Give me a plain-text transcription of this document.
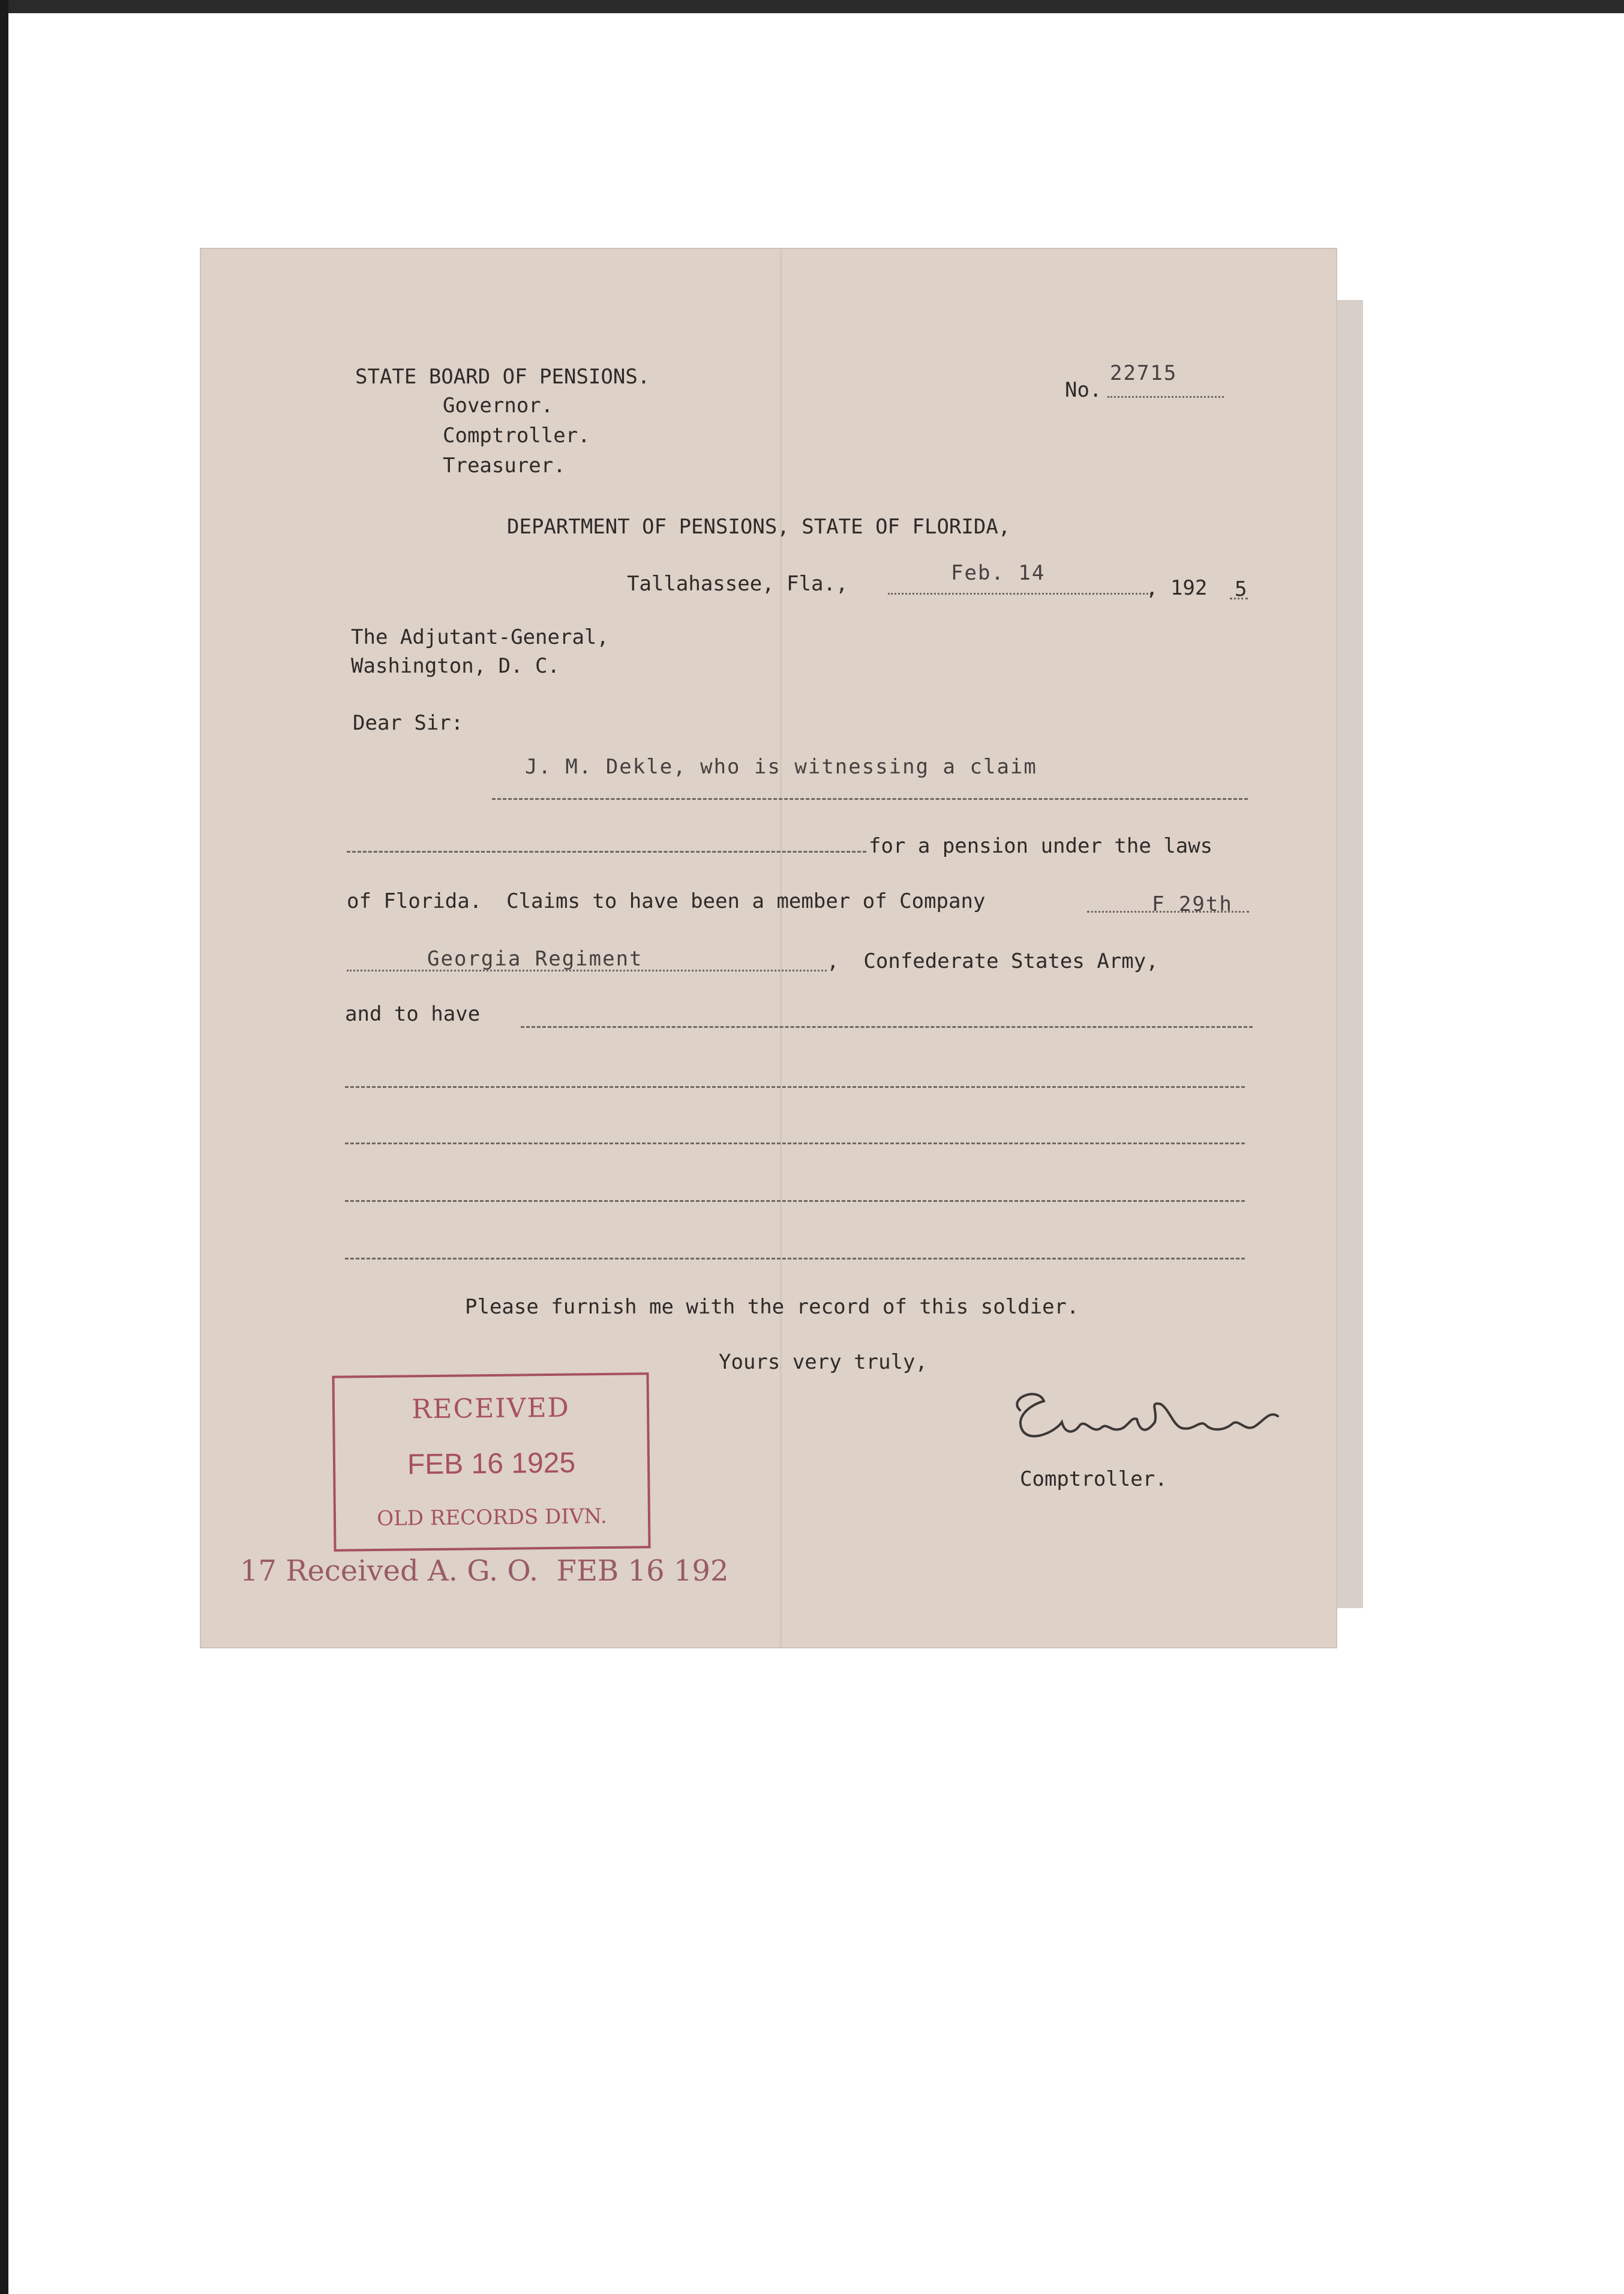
STATE BOARD OF PENSIONS.
Governor.
Comptroller.
Treasurer.
No.
22715
DEPARTMENT OF PENSIONS, STATE OF FLORIDA,
Tallahassee, Fla.,	Feb. 14
, 192 5
The Adjutant-General,
Washington, D. C.
Dear Sir:
J. M. Dekle, who is witnessing a claim
for a pension under the laws
of Florida.  Claims to have been a member of Company	F 29th
Georgia Regiment	,  Confederate States Army,
and to have
Please furnish me with the record of this soldier.
Yours very truly,
Comptroller.
RECEIVED
FEB 16 1925
OLD RECORDS DIVN.
17 Received A. G. O.  FEB 16 192
